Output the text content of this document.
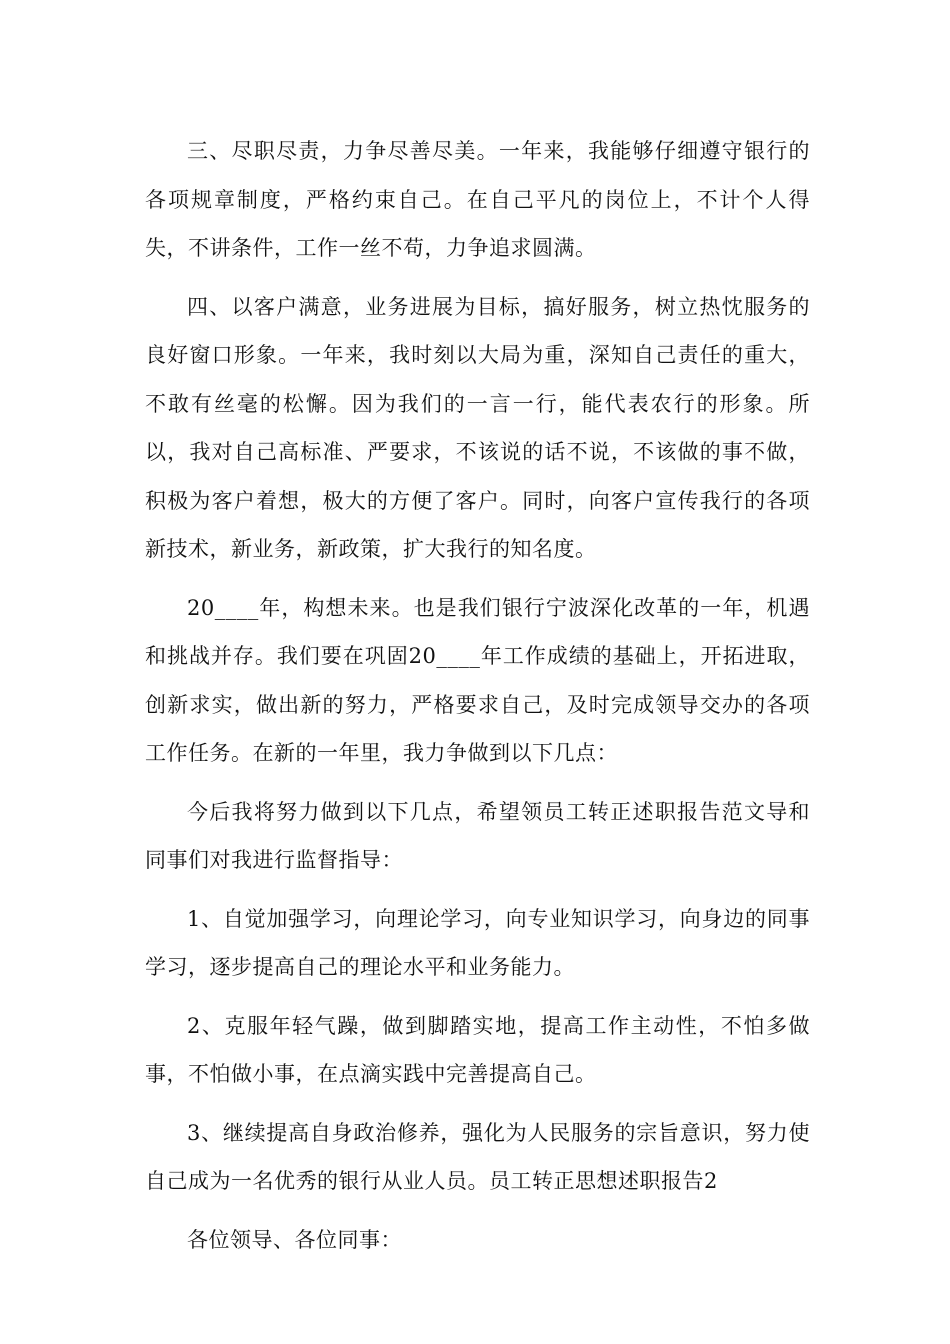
三、尽职尽责，力争尽善尽美。一年来，我能够仔细遵守银行的各项规章制度，严格约束自己。在自己平凡的岗位上，不计个人得失，不讲条件，工作一丝不苟，力争追求圆满。

四、以客户满意，业务进展为目标，搞好服务，树立热忱服务的良好窗口形象。一年来，我时刻以大局为重，深知自己责任的重大，不敢有丝毫的松懈。因为我们的一言一行，能代表农行的形象。所以，我对自己高标准、严要求，不该说的话不说，不该做的事不做，积极为客户着想，极大的方便了客户。同时，向客户宣传我行的各项新技术，新业务，新政策，扩大我行的知名度。

20____年，构想未来。也是我们银行宁波深化改革的一年，机遇和挑战并存。我们要在巩固20____年工作成绩的基础上，开拓进取，创新求实，做出新的努力，严格要求自己，及时完成领导交办的各项工作任务。在新的一年里，我力争做到以下几点：

今后我将努力做到以下几点，希望领员工转正述职报告范文导和同事们对我进行监督指导：

1、自觉加强学习，向理论学习，向专业知识学习，向身边的同事学习，逐步提高自己的理论水平和业务能力。

2、克服年轻气躁，做到脚踏实地，提高工作主动性，不怕多做事，不怕做小事，在点滴实践中完善提高自己。

3、继续提高自身政治修养，强化为人民服务的宗旨意识，努力使自己成为一名优秀的银行从业人员。员工转正思想述职报告2

各位领导、各位同事：
